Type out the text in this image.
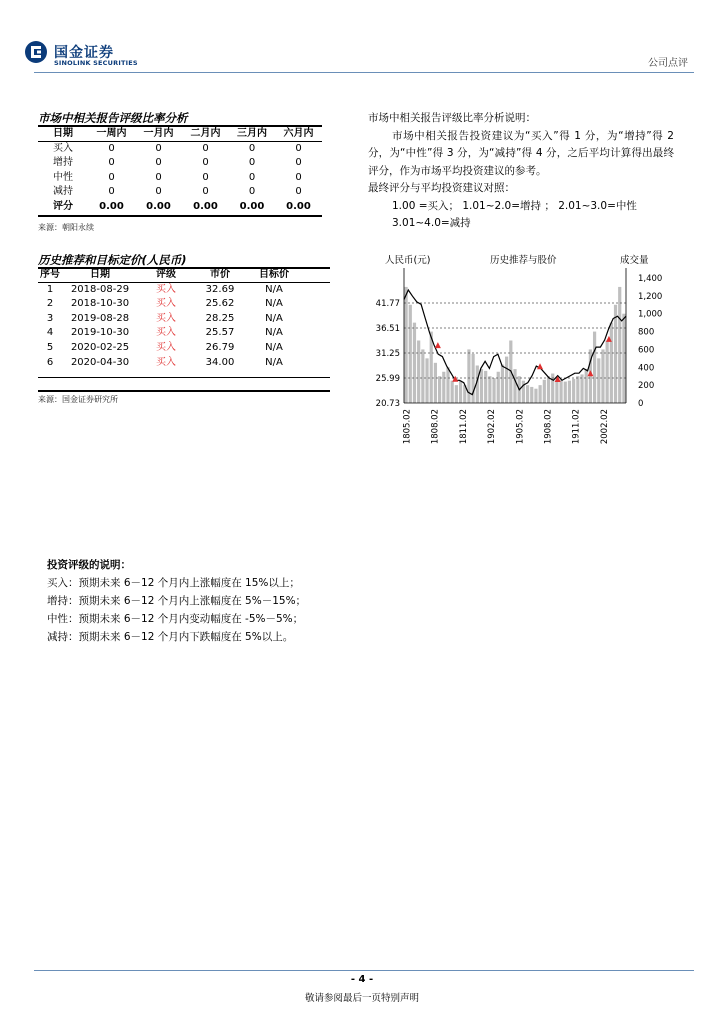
国金证券
SINOLINK SECURITIES	公司点评
市场中相关报告评级比率分析
日期	一周内	一月内	二月内	三月内	六月内
买入	0	0	0	0	0
增持	0	0	0	0	0
中性	0	0	0	0	0
减持	0	0	0	0	0
评分	0.00	0.00	0.00	0.00	0.00
来源：朝阳永续
历史推荐和目标定价(人民币)
序号	日期	评级	市价	目标价	
1	2018-08-29	买入	32.69	N/A	
2	2018-10-30	买入	25.62	N/A	
3	2019-08-28	买入	28.25	N/A	
4	2019-10-30	买入	25.57	N/A	
5	2020-02-25	买入	26.79	N/A	
6	2020-04-30	买入	34.00	N/A	
来源：国金证券研究所

市场中相关报告评级比率分析说明：

市场中相关报告投资建议为“买入”得 1 分，为“增持”得 2 分，为“中性”得 3 分，为“减持”得 4 分，之后平均计算得出最终评分，作为市场平均投资建议的参考。

最终评分与平均投资建议对照：

1.00 =买入； 1.01~2.0=增持 ； 2.01~3.0=中性

3.01~4.0=减持

人民币(元)	历史推荐与股价	成交量
41.77
36.51
31.25
25.99
20.73
1,400
1,200
1,000
800
600
400
200
0
1805.02 1808.02 1811.02 1902.02 1905.02 1908.02 1911.02 2002.02

投资评级的说明：

买入：预期未来 6－12 个月内上涨幅度在 15%以上；

增持：预期未来 6－12 个月内上涨幅度在 5%－15%；

中性：预期未来 6－12 个月内变动幅度在 -5%－5%；

减持：预期未来 6－12 个月内下跌幅度在 5%以上。

- 4 -
敬请参阅最后一页特别声明
